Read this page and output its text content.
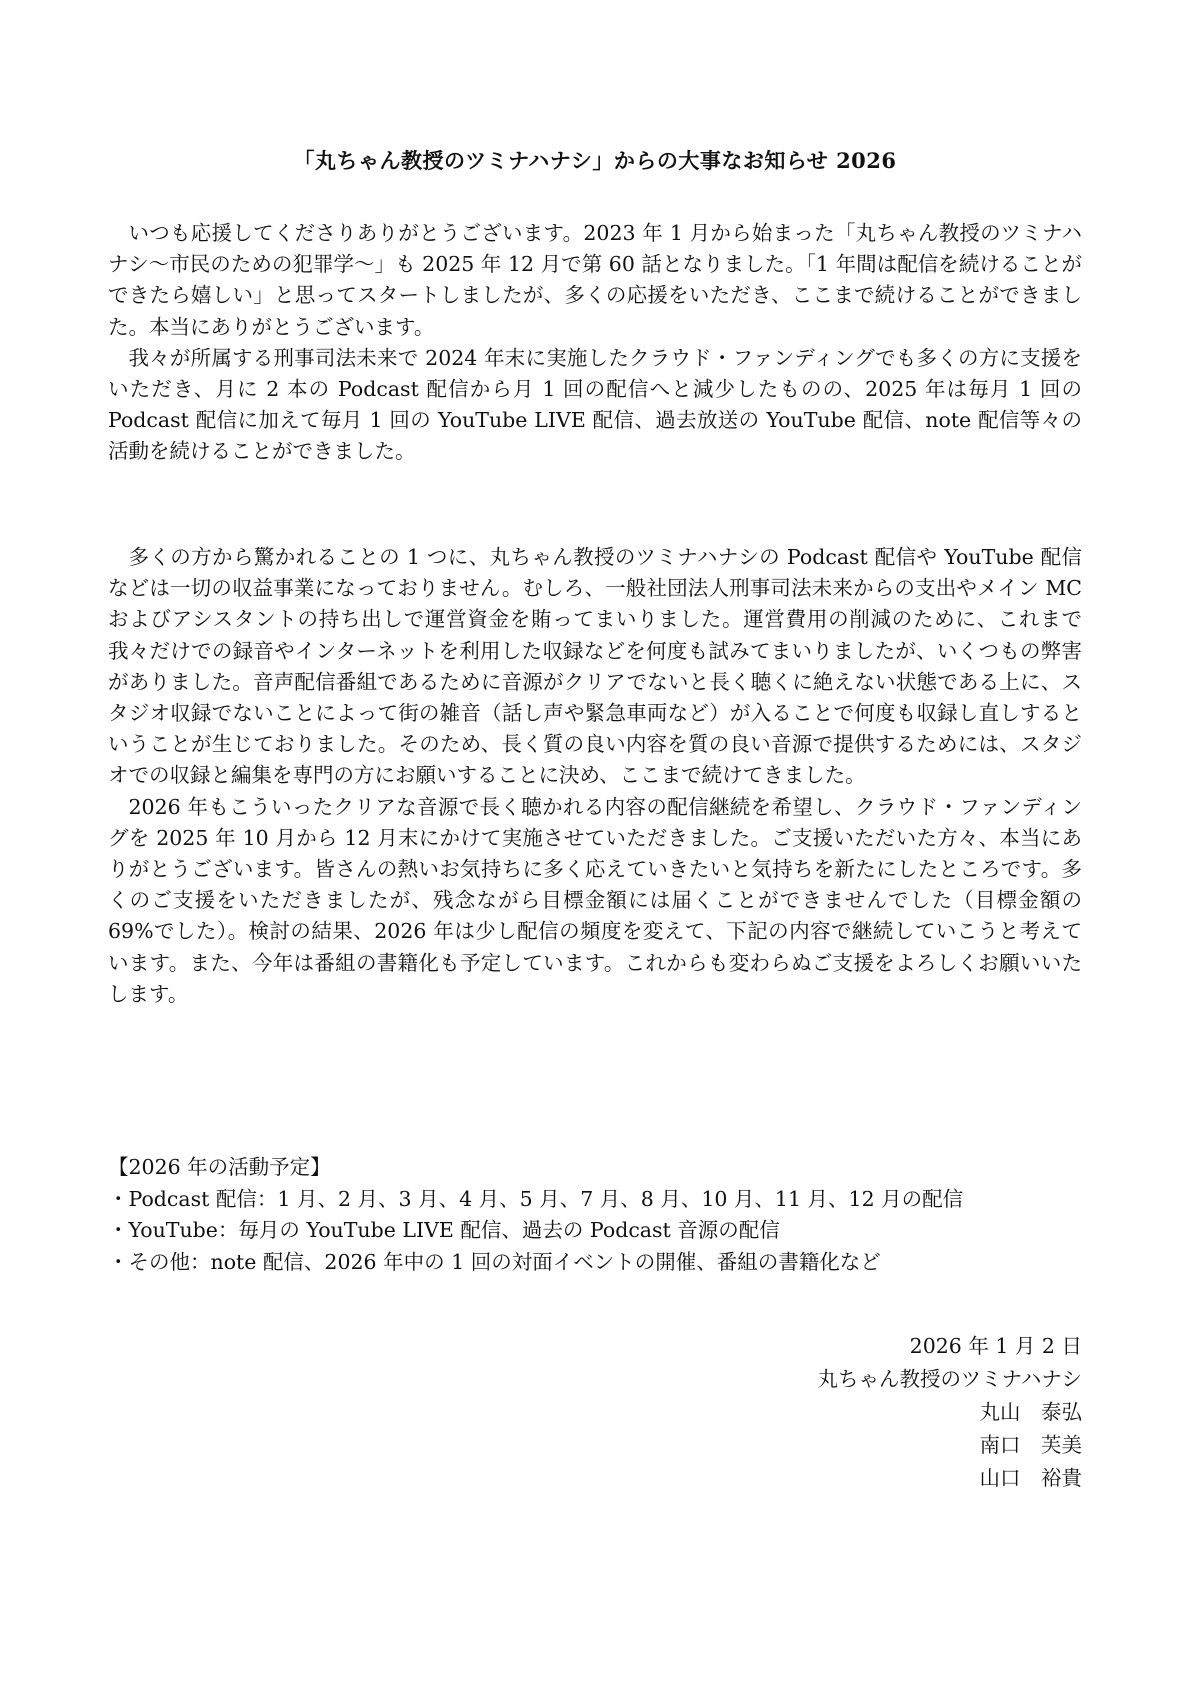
「丸ちゃん教授のツミナハナシ」からの大事なお知らせ 2026

いつも応援してくださりありがとうございます。2023 年 1 月から始まった「丸ちゃん教授のツミナハナシ〜市民のための犯罪学〜」も 2025 年 12 月で第 60 話となりました。「1 年間は配信を続けることができたら嬉しい」と思ってスタートしましたが、多くの応援をいただき、ここまで続けることができました。本当にありがとうございます。

我々が所属する刑事司法未来で 2024 年末に実施したクラウド・ファンディングでも多くの方に支援をいただき、月に 2 本の Podcast 配信から月 1 回の配信へと減少したものの、2025 年は毎月 1 回の Podcast 配信に加えて毎月 1 回の YouTube LIVE 配信、過去放送の YouTube 配信、note 配信等々の活動を続けることができました。

多くの方から驚かれることの 1 つに、丸ちゃん教授のツミナハナシの Podcast 配信や YouTube 配信などは一切の収益事業になっておりません。むしろ、一般社団法人刑事司法未来からの支出やメイン MC およびアシスタントの持ち出しで運営資金を賄ってまいりました。運営費用の削減のために、これまで我々だけでの録音やインターネットを利用した収録などを何度も試みてまいりましたが、いくつもの弊害がありました。音声配信番組であるために音源がクリアでないと長く聴くに絶えない状態である上に、スタジオ収録でないことによって街の雑音（話し声や緊急車両など）が入ることで何度も収録し直しするということが生じておりました。そのため、長く質の良い内容を質の良い音源で提供するためには、スタジオでの収録と編集を専門の方にお願いすることに決め、ここまで続けてきました。

2026 年もこういったクリアな音源で長く聴かれる内容の配信継続を希望し、クラウド・ファンディングを 2025 年 10 月から 12 月末にかけて実施させていただきました。ご支援いただいた方々、本当にありがとうございます。皆さんの熱いお気持ちに多く応えていきたいと気持ちを新たにしたところです。多くのご支援をいただきましたが、残念ながら目標金額には届くことができませんでした（目標金額の 69%でした）。検討の結果、2026 年は少し配信の頻度を変えて、下記の内容で継続していこうと考えています。また、今年は番組の書籍化も予定しています。これからも変わらぬご支援をよろしくお願いいたします。

【2026 年の活動予定】
・Podcast 配信：1 月、2 月、3 月、4 月、5 月、7 月、8 月、10 月、11 月、12 月の配信
・YouTube：毎月の YouTube LIVE 配信、過去の Podcast 音源の配信
・その他：note 配信、2026 年中の 1 回の対面イベントの開催、番組の書籍化など
2026 年 1 月 2 日
丸ちゃん教授のツミナハナシ
丸山　泰弘
南口　芙美
山口　裕貴
